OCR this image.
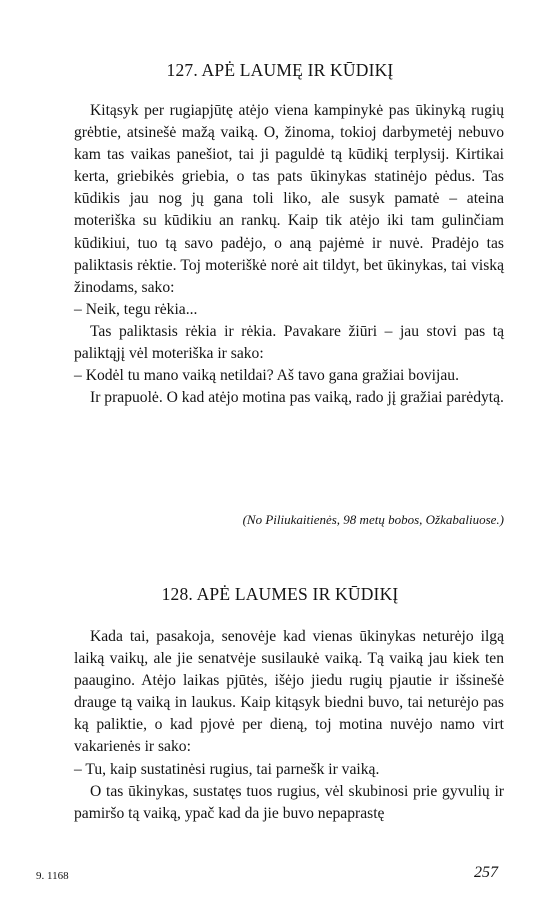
127. APĖ LAUMĘ IR KŪDIKĮ

Kitąsyk per rugiapjūtę atėjo viena kampinykė pas ūkinyką rugių grėbtie, atsinešė mažą vaiką. O, žinoma, tokioj darbymetėj nebuvo kam tas vaikas panešiot, tai ji paguldė tą kūdikį terplysij. Kirtikai kerta, griebikės griebia, o tas pats ūkinykas statinėjo pėdus. Tas kūdikis jau nog jų gana toli liko, ale susyk pamatė – ateina moteriška su kūdikiu an rankų. Kaip tik atėjo iki tam gulinčiam kūdikiui, tuo tą savo padėjo, o aną pajėmė ir nuvė. Pradėjo tas paliktasis rėktie. Toj moteriškė norė ait tildyt, bet ūkinykas, tai viską žinodams, sako:

– Neik, tegu rėkia...

Tas paliktasis rėkia ir rėkia. Pavakare žiūri – jau stovi pas tą paliktąjį vėl moteriška ir sako:

– Kodėl tu mano vaiką netildai? Aš tavo gana gražiai bovijau.

Ir prapuolė. O kad atėjo motina pas vaiką, rado jį gražiai parėdytą.

(No Piliukaitienės, 98 metų bobos, Ožkabaliuose.)

128. APĖ LAUMES IR KŪDIKĮ

Kada tai, pasakoja, senovėje kad vienas ūkinykas neturėjo ilgą laiką vaikų, ale jie senatvėje susilaukė vaiką. Tą vaiką jau kiek ten paaugino. Atėjo laikas pjūtės, išėjo jiedu rugių pjautie ir išsinešė drauge tą vaiką in laukus. Kaip kitąsyk biedni buvo, tai neturėjo pas ką paliktie, o kad pjovė per dieną, toj motina nuvėjo namo virt vakarienės ir sako:

– Tu, kaip sustatinėsi rugius, tai parnešk ir vaiką.

O tas ūkinykas, sustatęs tuos rugius, vėl skubinosi prie gyvulių ir pamiršo tą vaiką, ypač kad da jie buvo nepaprastę

9. 1168	257
